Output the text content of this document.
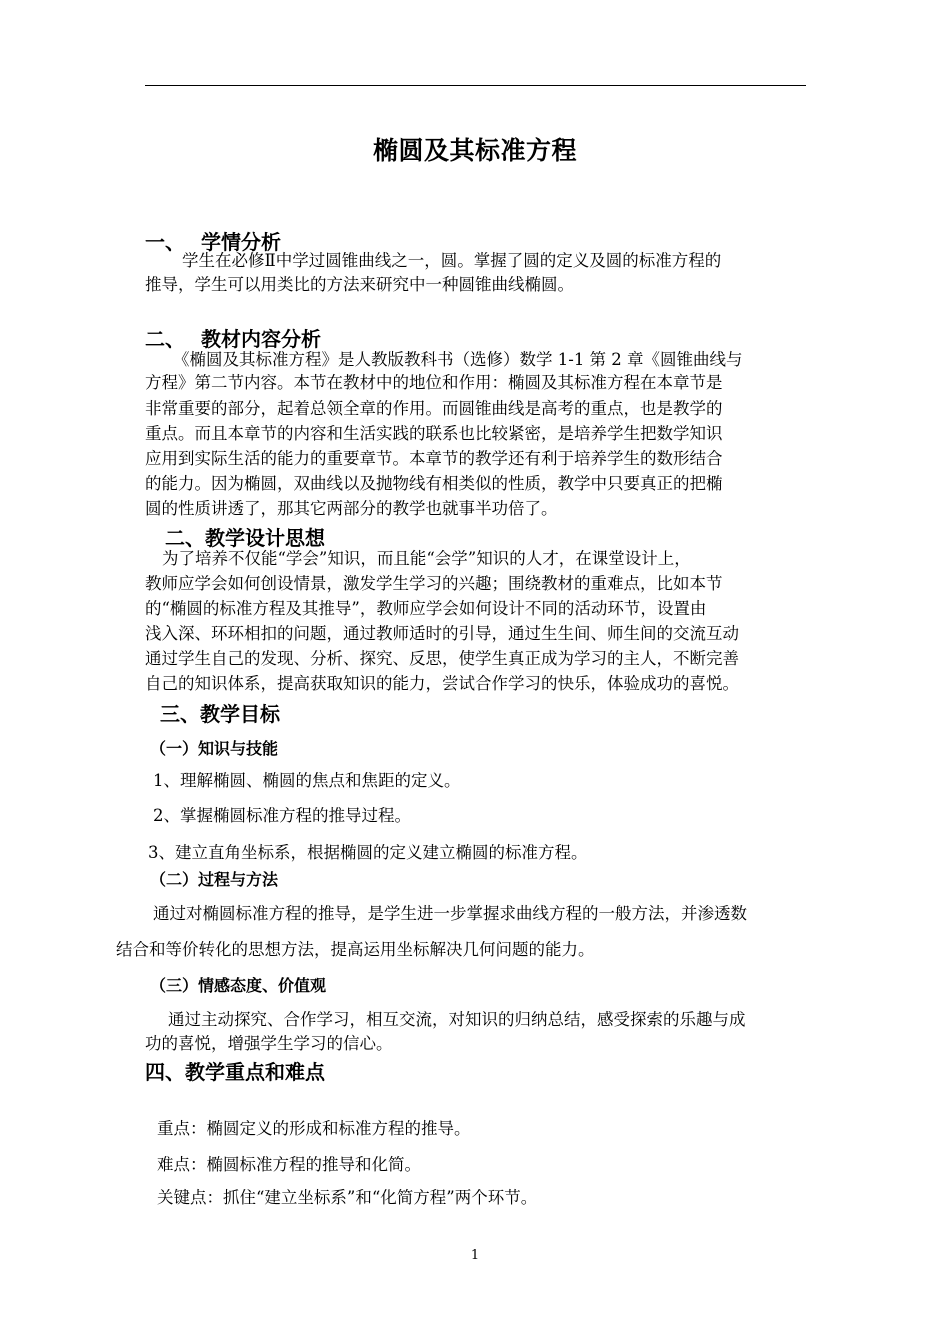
椭圆及其标准方程
一、 学情分析
学生在必修Ⅱ中学过圆锥曲线之一，圆。掌握了圆的定义及圆的标准方程的
推导，学生可以用类比的方法来研究中一种圆锥曲线椭圆。
二、 教材内容分析
《椭圆及其标准方程》是人教版教科书（选修）数学 1-1 第 2 章《圆锥曲线与
方程》第二节内容。本节在教材中的地位和作用：椭圆及其标准方程在本章节是
非常重要的部分，起着总领全章的作用。而圆锥曲线是高考的重点，也是教学的
重点。而且本章节的内容和生活实践的联系也比较紧密，是培养学生把数学知识
应用到实际生活的能力的重要章节。本章节的教学还有利于培养学生的数形结合
的能力。因为椭圆，双曲线以及抛物线有相类似的性质，教学中只要真正的把椭
圆的性质讲透了，那其它两部分的教学也就事半功倍了。
二、教学设计思想
为了培养不仅能“学会”知识，而且能“会学”知识的人才，在课堂设计上，
教师应学会如何创设情景，激发学生学习的兴趣；围绕教材的重难点，比如本节
的“椭圆的标准方程及其推导”，教师应学会如何设计不同的活动环节，设置由
浅入深、环环相扣的问题，通过教师适时的引导，通过生生间、师生间的交流互动
通过学生自己的发现、分析、探究、反思，使学生真正成为学习的主人，不断完善
自己的知识体系，提高获取知识的能力，尝试合作学习的快乐，体验成功的喜悦。
三、教学目标
（一）知识与技能
1、理解椭圆、椭圆的焦点和焦距的定义。
2、掌握椭圆标准方程的推导过程。
3、建立直角坐标系，根据椭圆的定义建立椭圆的标准方程。
（二）过程与方法
通过对椭圆标准方程的推导，是学生进一步掌握求曲线方程的一般方法，并渗透数
结合和等价转化的思想方法，提高运用坐标解决几何问题的能力。
（三）情感态度、价值观
通过主动探究、合作学习，相互交流，对知识的归纳总结，感受探索的乐趣与成
功的喜悦，增强学生学习的信心。
四、教学重点和难点
重点：椭圆定义的形成和标准方程的推导。
难点：椭圆标准方程的推导和化简。
关键点：抓住“建立坐标系”和“化简方程”两个环节。
1
